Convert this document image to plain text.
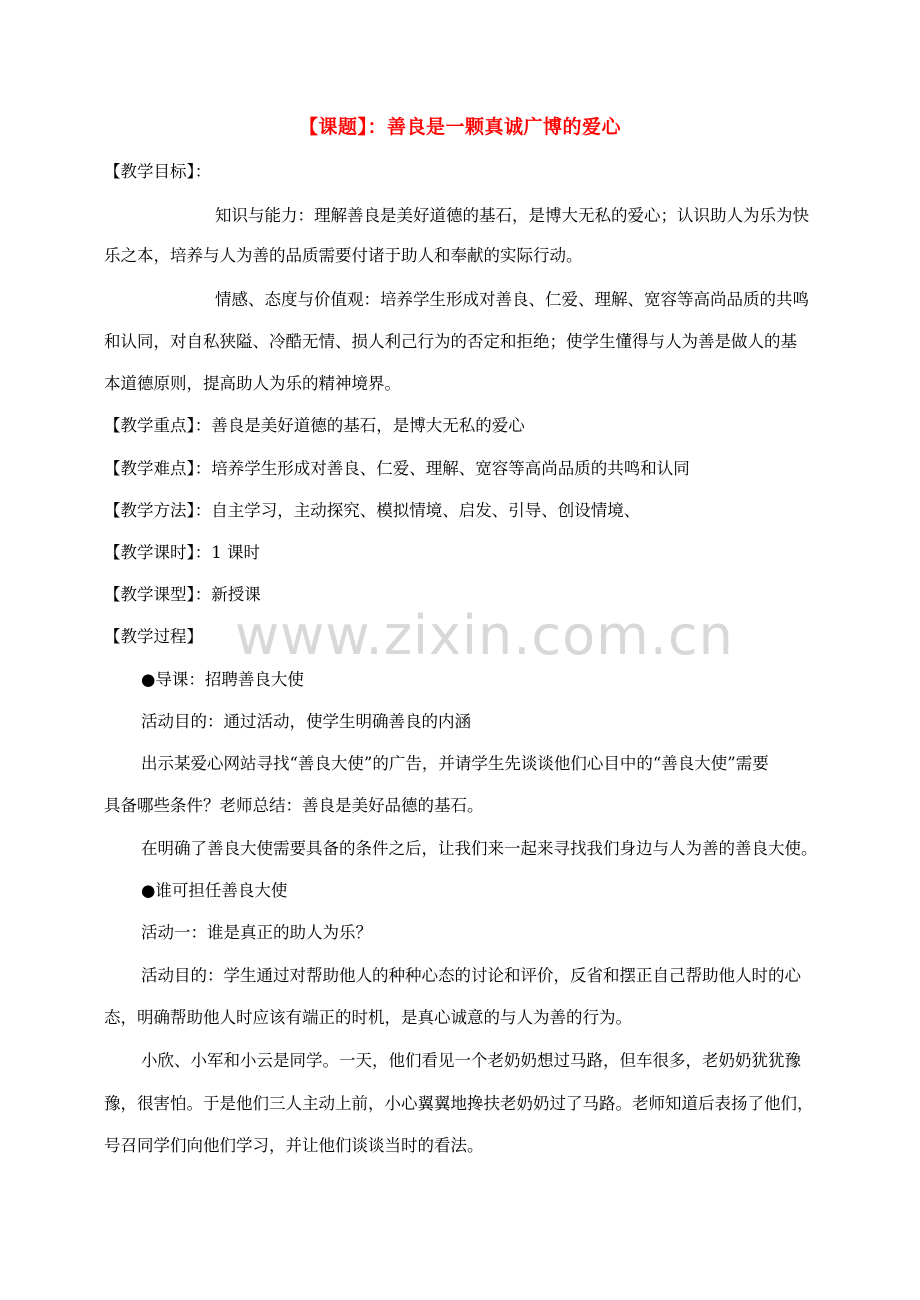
www.zixin.com.cn
【课题】：善良是一颗真诚广博的爱心
【教学目标】：
知识与能力：理解善良是美好道德的基石，是博大无私的爱心；认识助人为乐为快
乐之本，培养与人为善的品质需要付诸于助人和奉献的实际行动。
情感、态度与价值观：培养学生形成对善良、仁爱、理解、宽容等高尚品质的共鸣
和认同，对自私狭隘、冷酷无情、损人利己行为的否定和拒绝；使学生懂得与人为善是做人的基
本道德原则，提高助人为乐的精神境界。
【教学重点】：善良是美好道德的基石，是博大无私的爱心
【教学难点】：培养学生形成对善良、仁爱、理解、宽容等高尚品质的共鸣和认同
【教学方法】：自主学习，主动探究、模拟情境、启发、引导、创设情境、
【教学课时】：1 课时
【教学课型】：新授课
【教学过程】
●导课：招聘善良大使
活动目的：通过活动，使学生明确善良的内涵
出示某爱心网站寻找“善良大使”的广告，并请学生先谈谈他们心目中的“善良大使”需要
具备哪些条件？老师总结：善良是美好品德的基石。
在明确了善良大使需要具备的条件之后，让我们来一起来寻找我们身边与人为善的善良大使。
●谁可担任善良大使
活动一：谁是真正的助人为乐？
活动目的：学生通过对帮助他人的种种心态的讨论和评价，反省和摆正自己帮助他人时的心
态，明确帮助他人时应该有端正的时机，是真心诚意的与人为善的行为。
小欣、小军和小云是同学。一天，他们看见一个老奶奶想过马路，但车很多，老奶奶犹犹豫
豫，很害怕。于是他们三人主动上前，小心翼翼地搀扶老奶奶过了马路。老师知道后表扬了他们，
号召同学们向他们学习，并让他们谈谈当时的看法。
